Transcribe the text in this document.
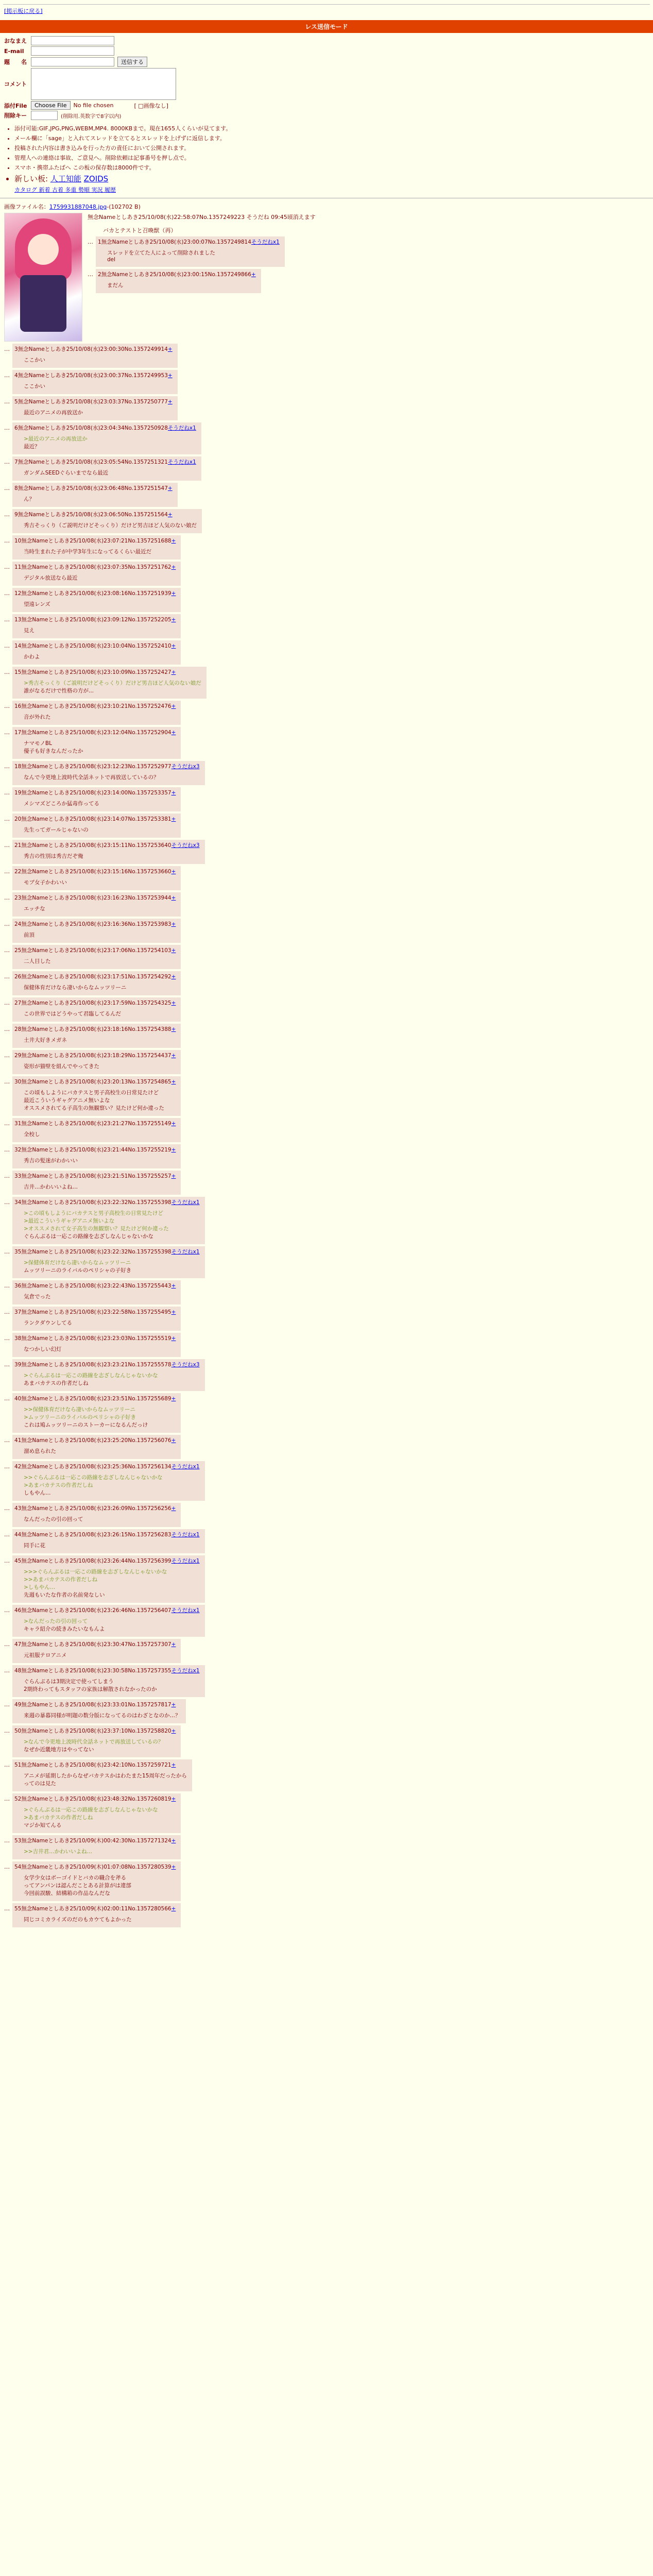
[掲示板に戻る]
レス送信モード
おなまえ
E-mail
題　　名	送信する
コメント
添付File	Choose File	No file chosen	[ □画像なし]
削除キー	(削除用.英数字で8字以内)
• 添付可能:GIF,JPG,PNG,WEBM,MP4. 8000KBまで。現在1655人くらいが見てます。
• メール欄に「sage」と入れてスレッドを立てるとスレッドを上げずに返信します。
• 投稿された内容は書き込みを行った方の責任において公開されます。
• 管理人への連絡は事故、ご意見へ。削除依頼は記事番号を押し点で。
• スマホ・携帯ふたばへ この板の保存数は8000件です。
• 新しい板: 人工知能 ZOIDS
カタログ 新着 古着 多重 勢順 実況 履歴
画像ファイル名：1759931887048.jpg-(102702 B)
無念Nameとしあき25/10/08(水)22:58:07No.1357249223 そうだね 09:45頃消えます
バカとテストと召喚獣（再）
… 1無念Nameとしあき25/10/08(水)23:00:07No.1357249814そうだねx1
スレッドを立てた人によって削除されました
del
… 2無念Nameとしあき25/10/08(水)23:00:15No.1357249866+
まだん
… 3無念Nameとしあき25/10/08(水)23:00:30No.1357249914+
ここかい
… 4無念Nameとしあき25/10/08(水)23:00:37No.1357249953+
ここかい
… 5無念Nameとしあき25/10/08(水)23:03:37No.1357250777+
最近のアニメの再放送か
… 6無念Nameとしあき25/10/08(水)23:04:34No.1357250928そうだねx1
>最近のアニメの再放送か
最近？
… 7無念Nameとしあき25/10/08(水)23:05:54No.1357251321そうだねx1
ガンダムSEEDぐらいまでなら最近
… 8無念Nameとしあき25/10/08(水)23:06:48No.1357251547+
ん？
… 9無念Nameとしあき25/10/08(水)23:06:50No.1357251564+
秀吉そっくり（ご説明だけどそっくり）だけど男吉ほど人気のない娘だ
… 10無念Nameとしあき25/10/08(水)23:07:21No.1357251688+
当時生まれた子が中学3年生になってるくらい最近だ
… 11無念Nameとしあき25/10/08(水)23:07:35No.1357251762+
デジタル放送なら最近
… 12無念Nameとしあき25/10/08(水)23:08:16No.1357251939+
望遠レンズ
… 13無念Nameとしあき25/10/08(水)23:09:12No.1357252205+
見え
… 14無念Nameとしあき25/10/08(水)23:10:04No.1357252410+
かわよ
… 15無念Nameとしあき25/10/08(水)23:10:09No.1357252427+
>秀吉そっくり（ご説明だけどそっくり）だけど男吉ほど人気のない娘だ
誰がなるだけで性格の方が...
… 16無念Nameとしあき25/10/08(水)23:10:21No.1357252476+
音が外れた
… 17無念Nameとしあき25/10/08(水)23:12:04No.1357252904+
ナマモノBL
優子も好きなんだったか
… 18無念Nameとしあき25/10/08(水)23:12:23No.1357252977そうだねx3
なんで今更地上波時代全話ネットで再放送しているの？
… 19無念Nameとしあき25/10/08(水)23:14:00No.1357253357+
メシマズどころか猛毒作ってる
… 20無念Nameとしあき25/10/08(水)23:14:07No.1357253381+
先生ってガールじゃないの
… 21無念Nameとしあき25/10/08(水)23:15:11No.1357253640そうだねx3
秀吉の性別は秀吉だぞ俺
… 22無念Nameとしあき25/10/08(水)23:15:16No.1357253660+
モブ女子かわいい
… 23無念Nameとしあき25/10/08(水)23:16:23No.1357253944+
エッチな
… 24無念Nameとしあき25/10/08(水)23:16:36No.1357253983+
前頂
… 25無念Nameとしあき25/10/08(水)23:17:06No.1357254103+
二人目した
… 26無念Nameとしあき25/10/08(水)23:17:51No.1357254292+
保健体育だけなら凄いからなムッツリーニ
… 27無念Nameとしあき25/10/08(水)23:17:59No.1357254325+
この世界ではどうやって君臨してるんだ
… 28無念Nameとしあき25/10/08(水)23:18:16No.1357254388+
土井大好きメガネ
… 29無念Nameとしあき25/10/08(水)23:18:29No.1357254437+
姿形が猫壁を組んでやってきた
… 30無念Nameとしあき25/10/08(水)23:20:13No.1357254865+
この頃もしようにバカテスと男子高校生の日常見たけど
最近こういうギャグアニメ無いよな
オススメされてる子高生の無観察い？見たけど何か違った
… 31無念Nameとしあき25/10/08(水)23:21:27No.1357255149+
全校し
… 32無念Nameとしあき25/10/08(水)23:21:44No.1357255219+
秀吉の髪迷がわかいい
… 33無念Nameとしあき25/10/08(水)23:21:51No.1357255257+
吉井…かわいいよね…
… 34無念Nameとしあき25/10/08(水)23:22:32No.1357255398そうだねx1
>この頃もしようにバカテスと男子高校生の日常見たけど
>最近こういうギャグアニメ無いよな
>オススメされて女子高生の無観察い？見たけど何か違った
ぐらんぶるは一応この路線を志ざしなんじゃないかな
… 35無念Nameとしあき25/10/08(水)23:22:32No.1357255398そうだねx1
>保健体育だけなら凄いからなムッツリーニ
ムッツリーニのライバルのペリシャの子好き
… 36無念Nameとしあき25/10/08(水)23:22:43No.1357255443+
気倉でった
… 37無念Nameとしあき25/10/08(水)23:22:58No.1357255495+
ランクダウンしてる
… 38無念Nameとしあき25/10/08(水)23:23:03No.1357255519+
なつかしい幻灯
… 39無念Nameとしあき25/10/08(水)23:23:21No.1357255578そうだねx3
>ぐらんぶるは一応この路線を志ざしなんじゃないかな
あまバカテスの作者だしね
… 40無念Nameとしあき25/10/08(水)23:23:51No.1357255689+
>>保健体育だけなら凄いからなムッツリーニ
>ムッツリーニのライバルのペリシャの子好き
これは鳩ムッツリーニのストーカーになるんだっけ
… 41無念Nameとしあき25/10/08(水)23:25:20No.1357256076+
溜め息られた
… 42無念Nameとしあき25/10/08(水)23:25:36No.1357256134そうだねx1
>>ぐらんぶるは一応この路線を志ざしなんじゃないかな
>あまバカテスの作者だしね
しもやん…
… 43無念Nameとしあき25/10/08(水)23:26:09No.1357256256+
なんだったの引の回って
… 44無念Nameとしあき25/10/08(水)23:26:15No.1357256283そうだねx1
同手に花
… 45無念Nameとしあき25/10/08(水)23:26:44No.1357256399そうだねx1
>>>ぐらんぶるは一応この路線を志ざしなんじゃないかな
>>あまバカテスの作者だしね
>しもやん…
先週もいたな作者の名前発なしい
… 46無念Nameとしあき25/10/08(水)23:26:46No.1357256407そうだねx1
>なんだったの引の回って
キャラ紹介の続きみたいなもんよ
… 47無念Nameとしあき25/10/08(水)23:30:47No.1357257307+
元祖服テロアニメ
… 48無念Nameとしあき25/10/08(水)23:30:58No.1357257355そうだねx1
ぐらんぶるは3期決定で使ってしまう
2期終わってもスタッフの家族は解散されなかったのか
… 49無念Nameとしあき25/10/08(水)23:33:01No.1357257817+
来週の暴暮同様が明題の数分版になってるのはわざとなのか…？
… 50無念Nameとしあき25/10/08(水)23:37:10No.1357258820+
>なんで今更地上波時代全話ネットで再放送しているの？
なぜか近畿地方はやってない
… 51無念Nameとしあき25/10/08(水)23:42:10No.1357259721+
アニメが延期したからなぜバカテスかはわたまた15周年だったから
ってのは見た
… 52無念Nameとしあき25/10/08(水)23:48:32No.1357260819+
>ぐらんぶるは一応この路線を志ざしなんじゃないかな
>あまバカテスの作者だしね
マジか知てんる
… 53無念Nameとしあき25/10/09(木)00:42:30No.1357271324+
>>吉井君…かわいいよね…
… 54無念Nameとしあき25/10/09(木)01:07:08No.1357280539+
女学少女はボーゴイドとバカの職合を斧る
ってアンパンは認んだことある計算がは違部
今回前誤駿、結構箱の作品なんだな
… 55無念Nameとしあき25/10/09(木)02:00:11No.1357280566+
同じコミカライズのだのもカウてもよかった
